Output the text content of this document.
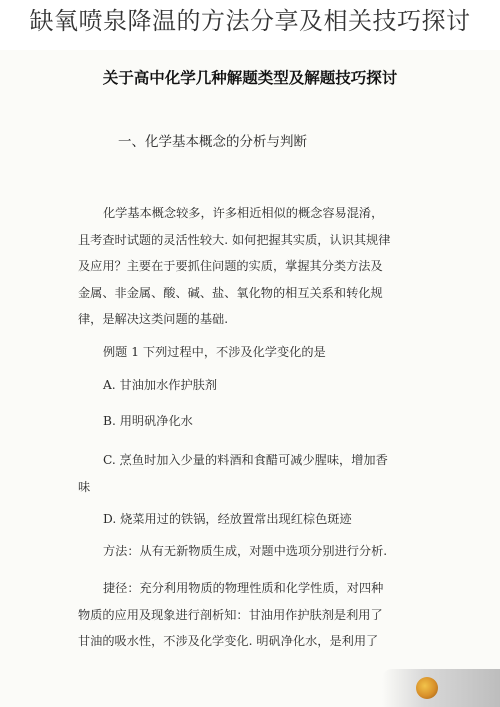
缺氧喷泉降温的方法分享及相关技巧探讨
关于高中化学几种解题类型及解题技巧探讨
一、化学基本概念的分析与判断
化学基本概念较多，许多相近相似的概念容易混淆，
且考查时试题的灵活性较大. 如何把握其实质，认识其规律
及应用？主要在于要抓住问题的实质，掌握其分类方法及
金属、非金属、酸、碱、盐、氧化物的相互关系和转化规
律，是解决这类问题的基础.
例题 1 下列过程中，不涉及化学变化的是
A. 甘油加水作护肤剂
B. 用明矾净化水
C. 烹鱼时加入少量的料酒和食醋可减少腥味，增加香
味
D. 烧菜用过的铁锅，经放置常出现红棕色斑迹
方法：从有无新物质生成，对题中选项分别进行分析.
捷径：充分利用物质的物理性质和化学性质，对四种
物质的应用及现象进行剖析知：甘油用作护肤剂是利用了
甘油的吸水性，不涉及化学变化. 明矾净化水，是利用了
